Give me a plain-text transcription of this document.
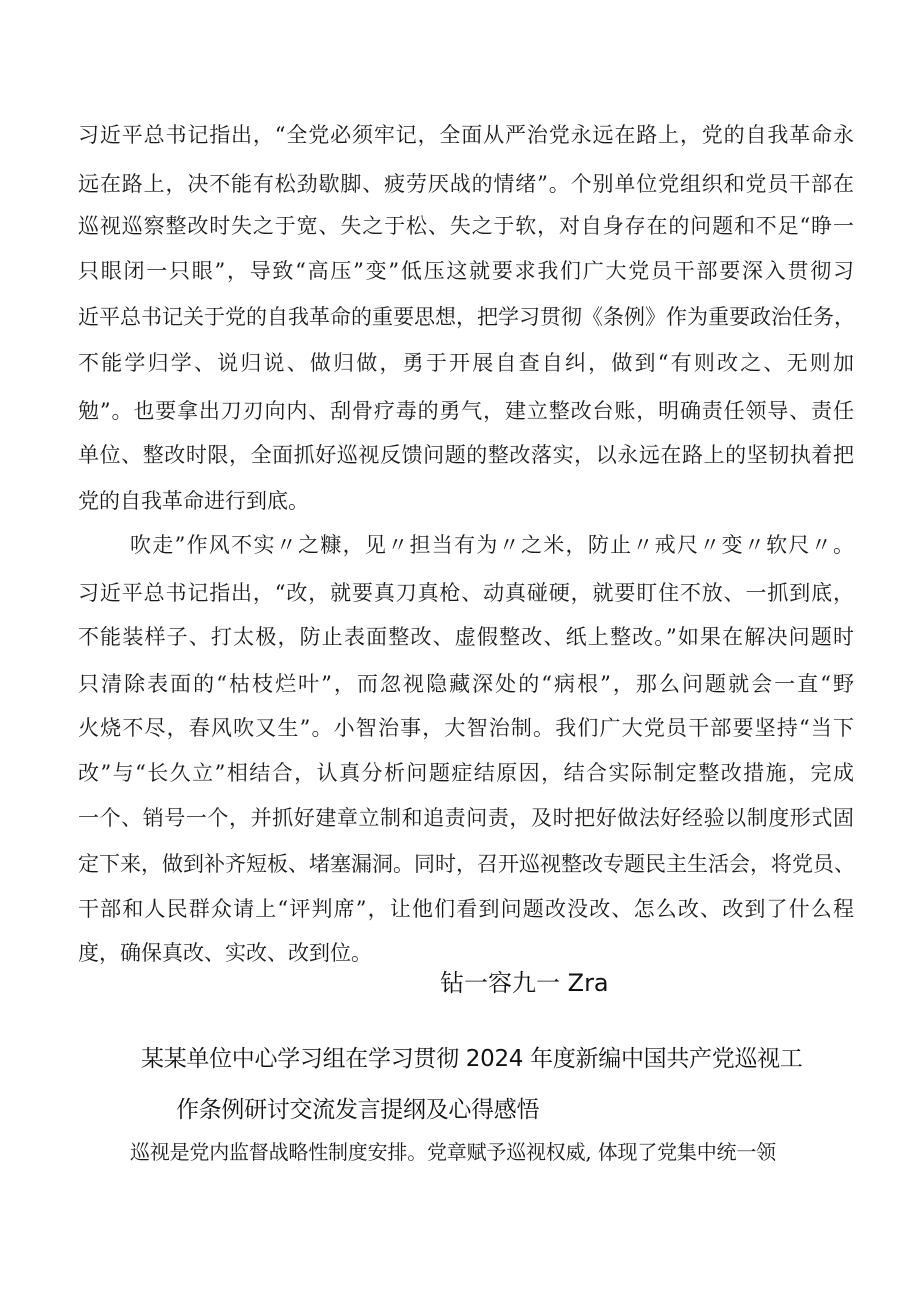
习近平总书记指出，“全党必须牢记，全面从严治党永远在路上，党的自我革命永
远在路上，决不能有松劲歇脚、疲劳厌战的情绪”。个别单位党组织和党员干部在
巡视巡察整改时失之于宽、失之于松、失之于软，对自身存在的问题和不足“睁一
只眼闭一只眼”，导致“高压”变”低压这就要求我们广大党员干部要深入贯彻习
近平总书记关于党的自我革命的重要思想，把学习贯彻《条例》作为重要政治任务，
不能学归学、说归说、做归做，勇于开展自查自纠，做到“有则改之、无则加
勉”。也要拿出刀刃向内、刮骨疗毒的勇气，建立整改台账，明确责任领导、责任
单位、整改时限，全面抓好巡视反馈问题的整改落实，以永远在路上的坚韧执着把
党的自我革命进行到底。
吹走”作风不实〃之糠，见〃担当有为〃之米，防止〃戒尺〃变〃软尺〃。
习近平总书记指出，“改，就要真刀真枪、动真碰硬，就要盯住不放、一抓到底，
不能装样子、打太极，防止表面整改、虚假整改、纸上整改。”如果在解决问题时
只清除表面的“枯枝烂叶”，而忽视隐藏深处的“病根”，那么问题就会一直“野
火烧不尽，春风吹又生”。小智治事，大智治制。我们广大党员干部要坚持“当下
改”与“长久立”相结合，认真分析问题症结原因，结合实际制定整改措施，完成
一个、销号一个，并抓好建章立制和追责问责，及时把好做法好经验以制度形式固
定下来，做到补齐短板、堵塞漏洞。同时，召开巡视整改专题民主生活会，将党员、
干部和人民群众请上“评判席”，让他们看到问题改没改、怎么改、改到了什么程
度，确保真改、实改、改到位。
钻一容九一 Zra
某某单位中心学习组在学习贯彻 2024 年度新编中国共产党巡视工
作条例研讨交流发言提纲及心得感悟
巡视是党内监督战略性制度安排。党章赋予巡视权威, 体现了党集中统一领
